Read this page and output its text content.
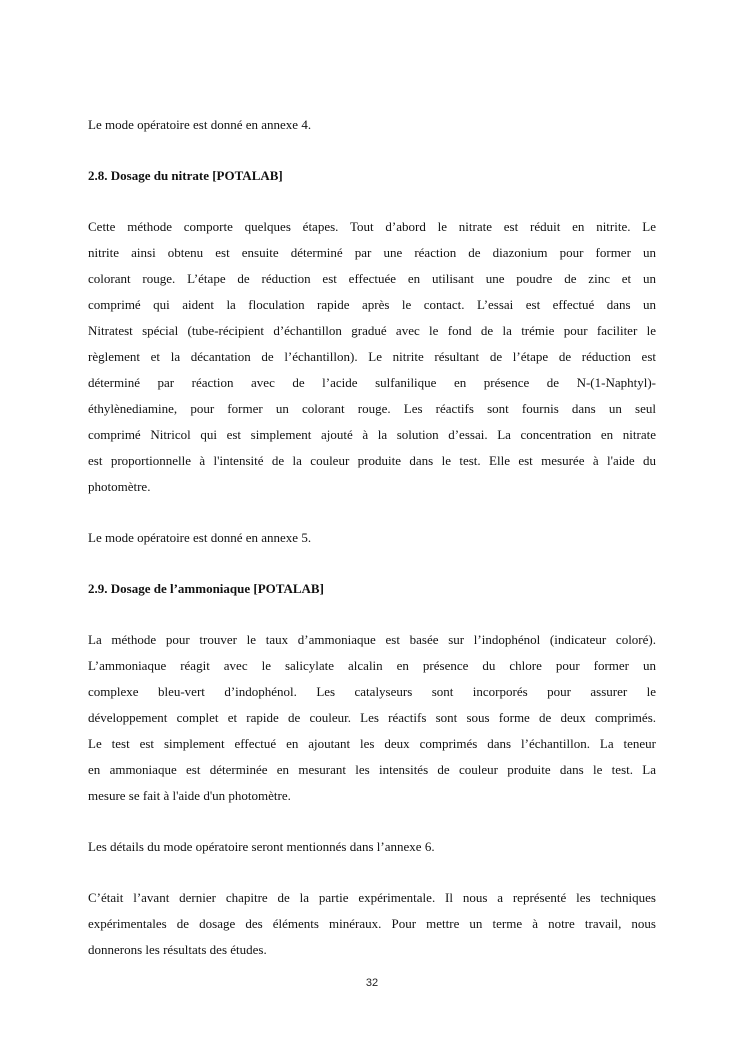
Le mode opératoire est donné en annexe 4.
2.8. Dosage du nitrate [POTALAB]
Cette méthode comporte quelques étapes. Tout d’abord le nitrate est réduit en nitrite. Le
nitrite ainsi obtenu est ensuite déterminé par une réaction de diazonium pour former un
colorant rouge. L’étape de réduction est effectuée en utilisant une poudre de zinc et un
comprimé qui aident la floculation rapide après le contact. L’essai est effectué dans un
Nitratest spécial (tube-récipient d’échantillon gradué avec le fond de la trémie pour faciliter le
règlement et la décantation de l’échantillon). Le nitrite résultant de l’étape de réduction est
déterminé par réaction avec de l’acide sulfanilique en présence de N-(1-Naphtyl)-
éthylènediamine, pour former un colorant rouge. Les réactifs sont fournis dans un seul
comprimé Nitricol qui est simplement ajouté à la solution d’essai. La concentration en nitrate
est proportionnelle à l'intensité de la couleur produite dans le test. Elle est mesurée à l'aide du
photomètre.
Le mode opératoire est donné en annexe 5.
2.9. Dosage de l’ammoniaque [POTALAB]
La méthode pour trouver le taux d’ammoniaque est basée sur l’indophénol (indicateur coloré).
L’ammoniaque réagit avec le salicylate alcalin en présence du chlore pour former un
complexe bleu-vert d’indophénol. Les catalyseurs sont incorporés pour assurer le
développement complet et rapide de couleur. Les réactifs sont sous forme de deux comprimés.
Le test est simplement effectué en ajoutant les deux comprimés dans l’échantillon. La teneur
en ammoniaque est déterminée en mesurant les intensités de couleur produite dans le test. La
mesure se fait à l'aide d'un photomètre.
Les détails du mode opératoire seront mentionnés dans l’annexe 6.
C’était l’avant dernier chapitre de la partie expérimentale. Il nous a représenté les techniques
expérimentales de dosage des éléments minéraux. Pour mettre un terme à notre travail, nous
donnerons les résultats des études.
32
